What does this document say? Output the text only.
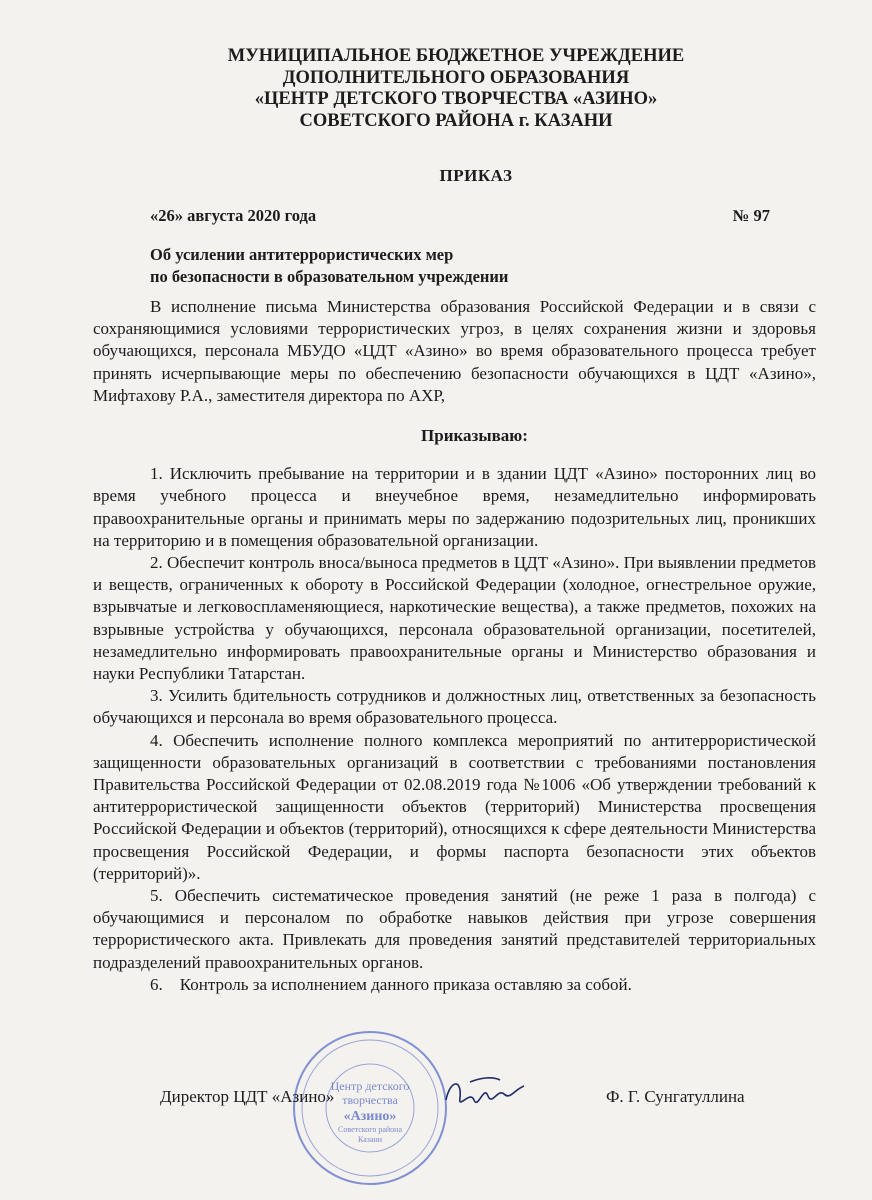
МУНИЦИПАЛЬНОЕ БЮДЖЕТНОЕ УЧРЕЖДЕНИЕ
ДОПОЛНИТЕЛЬНОГО ОБРАЗОВАНИЯ
«ЦЕНТР ДЕТСКОГО ТВОРЧЕСТВА «АЗИНО»
СОВЕТСКОГО РАЙОНА г. КАЗАНИ
ПРИКАЗ
«26» августа 2020 года	№ 97
Об усилении антитеррористических мер
по безопасности в образовательном учреждении

В исполнение письма Министерства образования Российской Федерации и в связи с сохраняющимися условиями террористических угроз, в целях сохранения жизни и здоровья обучающихся, персонала МБУДО «ЦДТ «Азино» во время образовательного процесса требует принять исчерпывающие меры по обеспечению безопасности обучающихся в ЦДТ «Азино», Мифтахову Р.А., заместителя директора по АХР,

Приказываю:

1. Исключить пребывание на территории и в здании ЦДТ «Азино» посторонних лиц во время учебного процесса и внеучебное время, незамедлительно информировать правоохранительные органы и принимать меры по задержанию подозрительных лиц, проникших на территорию и в помещения образовательной организации.

2. Обеспечит контроль вноса/выноса предметов в ЦДТ «Азино». При выявлении предметов и веществ, ограниченных к обороту в Российской Федерации (холодное, огнестрельное оружие, взрывчатые и легковоспламеняющиеся, наркотические вещества), а также предметов, похожих на взрывные устройства у обучающихся, персонала образовательной организации, посетителей, незамедлительно информировать правоохранительные органы и Министерство образования и науки Республики Татарстан.

3. Усилить бдительность сотрудников и должностных лиц, ответственных за безопасность обучающихся и персонала во время образовательного процесса.

4. Обеспечить исполнение полного комплекса мероприятий по антитеррористической защищенности образовательных организаций в соответствии с требованиями постановления Правительства Российской Федерации от 02.08.2019 года №1006 «Об утверждении требований к антитеррористической защищенности объектов (территорий) Министерства просвещения Российской Федерации и объектов (территорий), относящихся к сфере деятельности Министерства просвещения Российской Федерации, и формы паспорта безопасности этих объектов (территорий)».

5. Обеспечить систематическое проведения занятий (не реже 1 раза в полгода) с обучающимися и персоналом по обработке навыков действия при угрозе совершения террористического акта. Привлекать для проведения занятий представителей территориальных подразделений правоохранительных органов.

6.    Контроль за исполнением данного приказа оставляю за собой.

Центр детского
творчества
«Азино»
Советского района
Казани
Директор ЦДТ «Азино»	Ф. Г. Сунгатуллина
